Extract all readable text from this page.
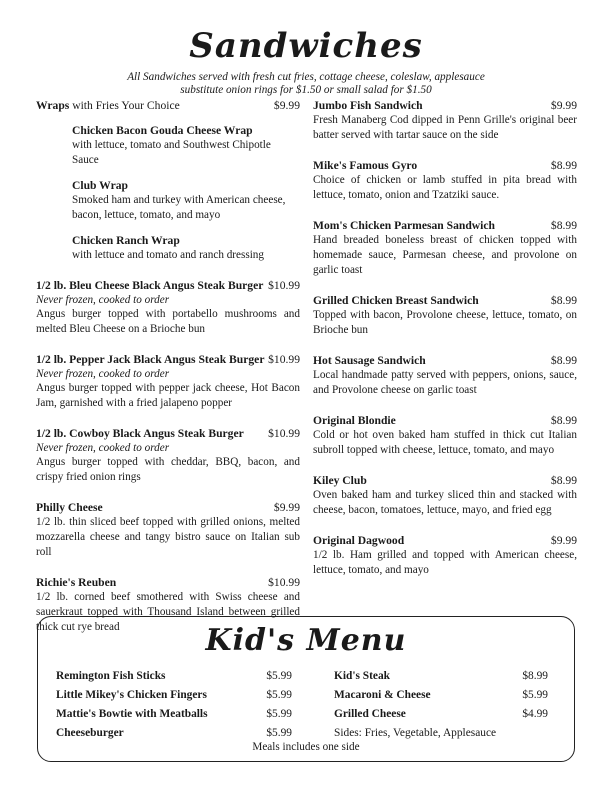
Sandwiches
All Sandwiches served with fresh cut fries, cottage cheese, coleslaw, applesauce
substitute onion rings for $1.50 or small salad for $1.50
Wraps with Fries Your Choice	$9.99
Chicken Bacon Gouda Cheese Wrap
with lettuce, tomato and Southwest Chipotle Sauce
Club Wrap
Smoked ham and turkey with American cheese, bacon, lettuce, tomato, and mayo
Chicken Ranch Wrap
with lettuce and tomato and ranch dressing
1/2 lb. Bleu Cheese Black Angus Steak Burger $10.99
Never frozen, cooked to order
Angus burger topped with portabello mushrooms and melted Bleu Cheese on a Brioche bun
1/2 lb. Pepper Jack Black Angus Steak Burger $10.99
Never frozen, cooked to order
Angus burger topped with pepper jack cheese, Hot Bacon Jam, garnished with a fried jalapeno popper
1/2 lb. Cowboy Black Angus Steak Burger $10.99
Never frozen, cooked to order
Angus burger topped with cheddar, BBQ, bacon, and crispy fried onion rings
Philly Cheese	$9.99
1/2 lb. thin sliced beef topped with grilled onions, melted mozzarella cheese and tangy bistro sauce on Italian sub roll
Richie's Reuben	$10.99
1/2 lb. corned beef smothered with Swiss cheese and sauerkraut topped with Thousand Island between grilled thick cut rye bread
Jumbo Fish Sandwich	$9.99
Fresh Manaberg Cod dipped in Penn Grille's original beer batter served with tartar sauce on the side
Mike's Famous Gyro	$8.99
Choice of chicken or lamb stuffed in pita bread with lettuce, tomato, onion and Tzatziki sauce.
Mom's Chicken Parmesan Sandwich	$8.99
Hand breaded boneless breast of chicken topped with homemade sauce, Parmesan cheese, and provolone on garlic toast
Grilled Chicken Breast Sandwich	$8.99
Topped with bacon, Provolone cheese, lettuce, tomato, on Brioche bun
Hot Sausage Sandwich	$8.99
Local handmade patty served with peppers, onions, sauce, and Provolone cheese on garlic toast
Original Blondie	$8.99
Cold or hot oven baked ham stuffed in thick cut Italian subroll topped with cheese, lettuce, tomato, and mayo
Kiley Club	$8.99
Oven baked ham and turkey sliced thin and stacked with cheese, bacon, tomatoes, lettuce, mayo, and fried egg
Original Dagwood	$9.99
1/2 lb. Ham grilled and topped with American cheese, lettuce, tomato, and mayo
Kid's Menu
Remington Fish Sticks	$5.99
Little Mikey's Chicken Fingers	$5.99
Mattie's Bowtie with Meatballs	$5.99
Cheeseburger	$5.99
Kid's Steak	$8.99
Macaroni & Cheese	$5.99
Grilled Cheese	$4.99
Sides: Fries, Vegetable, Applesauce
Meals includes one side
